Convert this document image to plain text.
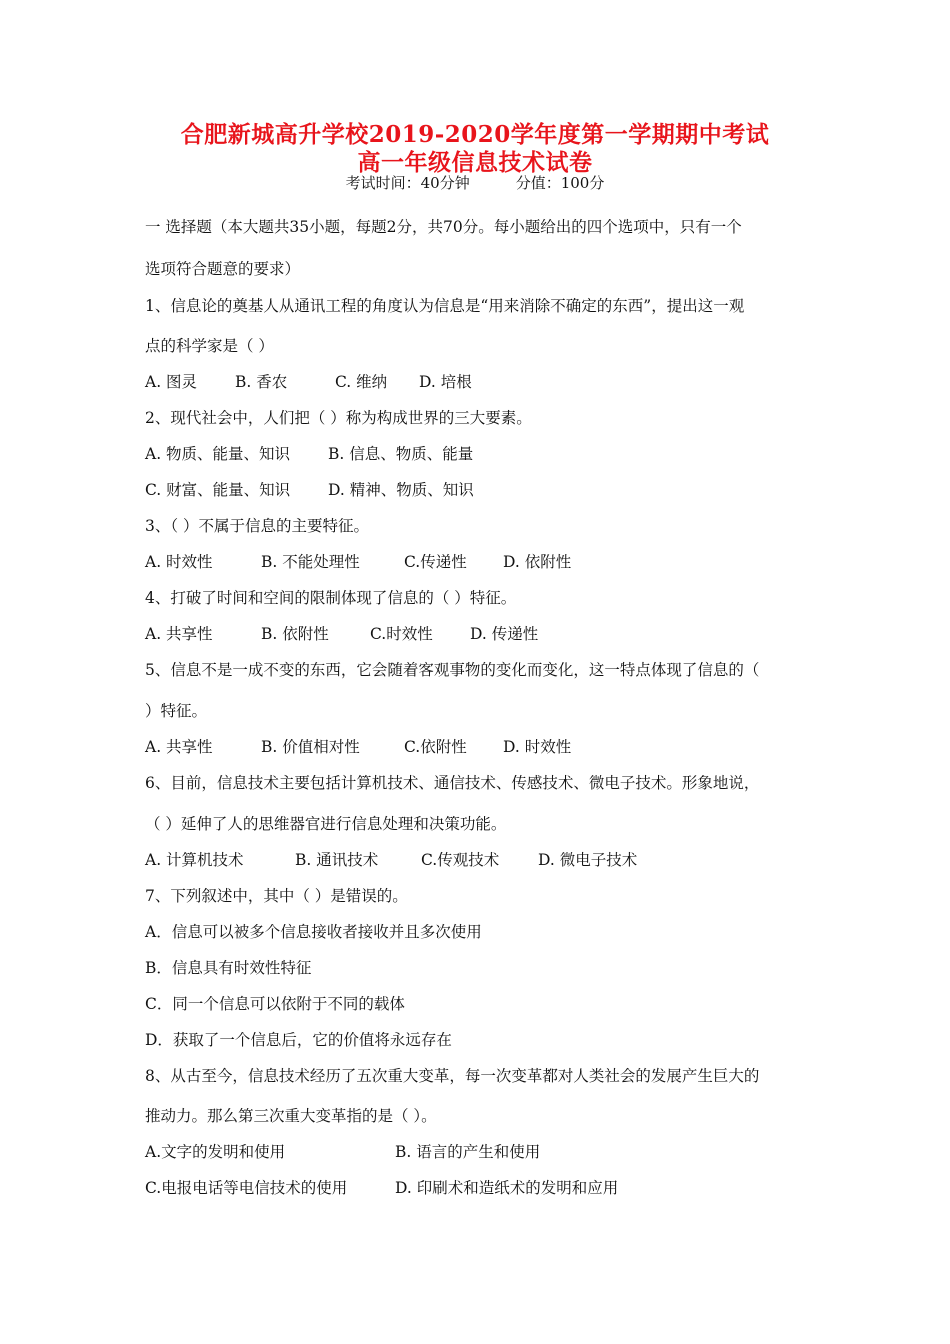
合肥新城高升学校2019-2020学年度第一学期期中考试
高一年级信息技术试卷
考试时间：40分钟	分值：100分
一 选择题（本大题共35小题，每题2分，共70分。每小题给出的四个选项中，只有一个
选项符合题意的要求）
1、信息论的奠基人从通讯工程的角度认为信息是“用来消除不确定的东西”，提出这一观
点的科学家是（ ）
A. 图灵 B. 香农	C. 维纳 D. 培根
2、现代社会中，人们把（ ）称为构成世界的三大要素。
A. 物质、能量、知识 B. 信息、物质、能量
C. 财富、能量、知识 D. 精神、物质、知识
3、（ ）不属于信息的主要特征。
A. 时效性	B. 不能处理性	C.传递性 D. 依附性
4、打破了时间和空间的限制体现了信息的（ ）特征。
A. 共享性	B. 依附性	C.时效性 D. 传递性
5、信息不是一成不变的东西，它会随着客观事物的变化而变化，这一特点体现了信息的（
）特征。
A. 共享性	B. 价值相对性	C.依附性 D. 时效性
6、目前，信息技术主要包括计算机技术、通信技术、传感技术、微电子技术。形象地说，
（ ）延伸了人的思维器官进行信息处理和决策功能。
A. 计算机技术	B. 通讯技术	C.传观技术	D. 微电子技术
7、下列叙述中，其中（ ）是错误的。
A．信息可以被多个信息接收者接收并且多次使用
B．信息具有时效性特征
C．同一个信息可以依附于不同的载体
D．获取了一个信息后，它的价值将永远存在
8、从古至今，信息技术经历了五次重大变革，每一次变革都对人类社会的发展产生巨大的
推动力。那么第三次重大变革指的是（ ）。
A.文字的发明和使用	B. 语言的产生和使用
C.电报电话等电信技术的使用	D. 印刷术和造纸术的发明和应用
